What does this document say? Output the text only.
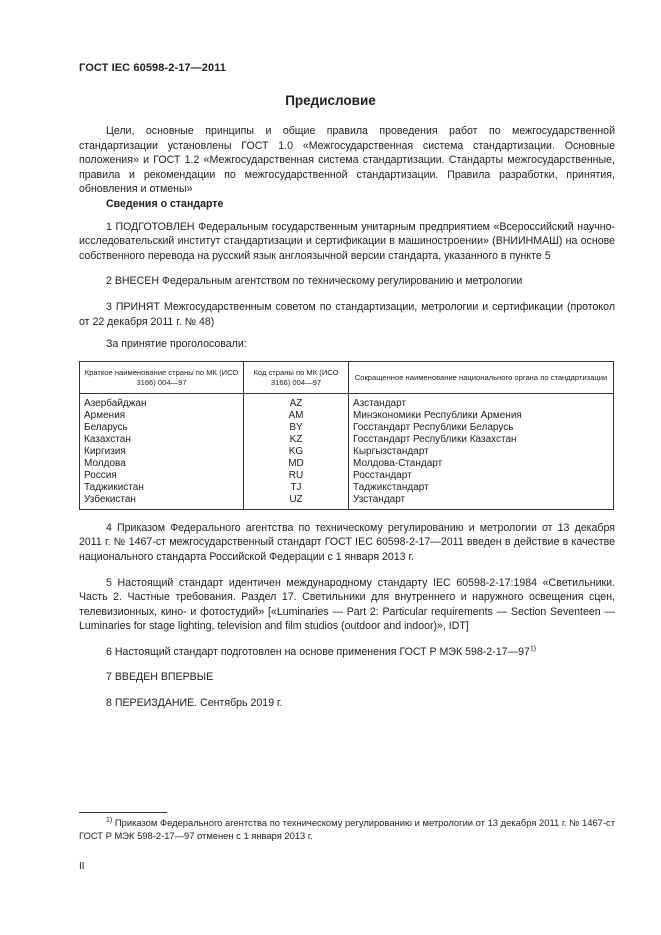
ГОСТ IEC 60598-2-17—2011
Предисловие

Цели, основные принципы и общие правила проведения работ по межгосударственной стандартизации установлены ГОСТ 1.0 «Межгосударственная система стандартизации. Основные положения» и ГОСТ 1.2 «Межгосударственная система стандартизации. Стандарты межгосударственные, правила и рекомендации по межгосударственной стандартизации. Правила разработки, принятия, обновления и отмены»

Сведения о стандарте

1 ПОДГОТОВЛЕН Федеральным государственным унитарным предприятием «Всероссийский научно-исследовательский институт стандартизации и сертификации в машиностроении» (ВНИИНМАШ) на основе собственного перевода на русский язык англоязычной версии стандарта, указанного в пункте 5

2 ВНЕСЕН Федеральным агентством по техническому регулированию и метрологии

3 ПРИНЯТ Межгосударственным советом по стандартизации, метрологии и сертификации (протокол от 22 декабря 2011 г. № 48)

За принятие проголосовали:

Краткое наименование страны по МК (ИСО 3166) 004—97	Код страны по МК (ИСО 3166) 004—97	Сокращенное наименование национального органа по стандартизации
Азербайджан	AZ	Азстандарт
Армения	AM	Минэкономики Республики Армения
Беларусь	BY	Госстандарт Республики Беларусь
Казахстан	KZ	Госстандарт Республики Казахстан
Киргизия	KG	Кыргызстандарт
Молдова	MD	Молдова-Стандарт
Россия	RU	Росстандарт
Таджикистан	TJ	Таджикстандарт
Узбекистан	UZ	Узстандарт

4 Приказом Федерального агентства по техническому регулированию и метрологии от 13 декабря 2011 г. № 1467-ст межгосударственный стандарт ГОСТ IEC 60598-2-17—2011 введен в действие в качестве национального стандарта Российской Федерации с 1 января 2013 г.

5 Настоящий стандарт идентичен международному стандарту IEC 60598-2-17:1984 «Светильники. Часть 2. Частные требования. Раздел 17. Светильники для внутреннего и наружного освещения сцен, телевизионных, кино- и фотостудий» [«Luminaries — Part 2: Particular requirements — Section Seventeen — Luminaries for stage lighting, television and film studios (outdoor and indoor)», IDT]

6 Настоящий стандарт подготовлен на основе применения ГОСТ Р МЭК 598-2-17—97$^{1)}$

7 ВВЕДЕН ВПЕРВЫЕ

8 ПЕРЕИЗДАНИЕ. Сентябрь 2019 г.

$^{1)}$ Приказом Федерального агентства по техническому регулированию и метрологии от 13 декабря 2011 г. № 1467-ст ГОСТ Р МЭК 598-2-17—97 отменен с 1 января 2013 г.
II
